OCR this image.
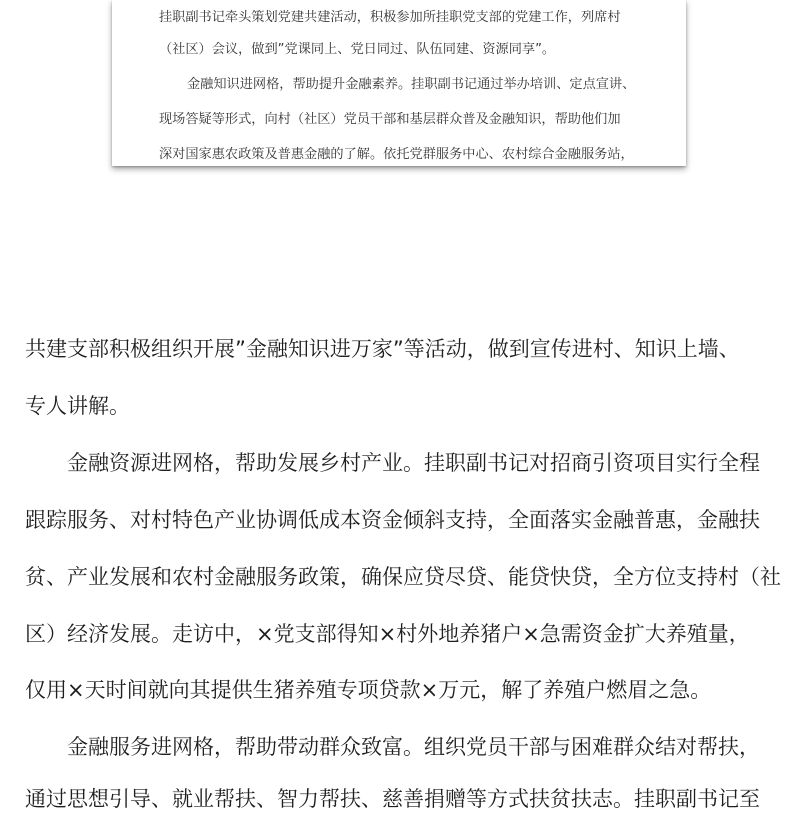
挂职副书记牵头策划党建共建活动，积极参加所挂职党支部的党建工作，列席村
（社区）会议，做到”党课同上、党日同过、队伍同建、资源同享”。
金融知识进网格，帮助提升金融素养。挂职副书记通过举办培训、定点宣讲、
现场答疑等形式，向村（社区）党员干部和基层群众普及金融知识，帮助他们加
深对国家惠农政策及普惠金融的了解。依托党群服务中心、农村综合金融服务站，
共建支部积极组织开展”金融知识进万家”等活动，做到宣传进村、知识上墙、
专人讲解。
金融资源进网格，帮助发展乡村产业。挂职副书记对招商引资项目实行全程
跟踪服务、对村特色产业协调低成本资金倾斜支持，全面落实金融普惠，金融扶
贫、产业发展和农村金融服务政策，确保应贷尽贷、能贷快贷，全方位支持村（社
区）经济发展。走访中，×党支部得知×村外地养猪户×急需资金扩大养殖量，
仅用×天时间就向其提供生猪养殖专项贷款×万元，解了养殖户燃眉之急。
金融服务进网格，帮助带动群众致富。组织党员干部与困难群众结对帮扶，
通过思想引导、就业帮扶、智力帮扶、慈善捐赠等方式扶贫扶志。挂职副书记至
